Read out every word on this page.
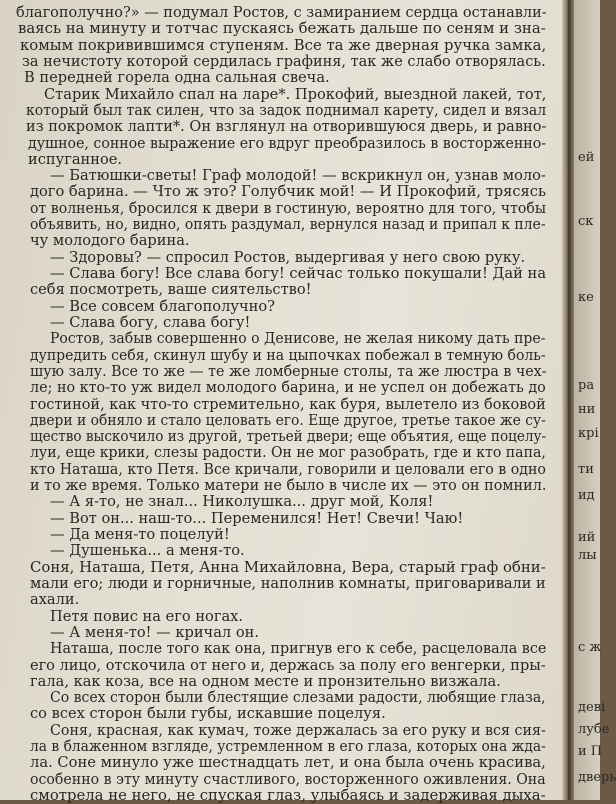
благополучно?» — подумал Ростов, с замиранием сердца останавли-
ваясь на минуту и тотчас пускаясь бежать дальше по сеням и зна-
комым покривившимся ступеням. Все та же дверная ручка замка,
за нечистоту которой сердилась графиня, так же слабо отворялась.
В передней горела одна сальная свеча.
Старик Михайло спал на ларе*. Прокофий, выездной лакей, тот,
который был так силен, что за задок поднимал карету, сидел и вязал
из покромок лапти*. Он взглянул на отворившуюся дверь, и равно-
душное, сонное выражение его вдруг преобразилось в восторженно-
испуганное.
— Батюшки-светы! Граф молодой! — вскрикнул он, узнав моло-
дого барина. — Что ж это? Голубчик мой! — И Прокофий, трясясь
от волненья, бросился к двери в гостиную, вероятно для того, чтобы
объявить, но, видно, опять раздумал, вернулся назад и припал к пле-
чу молодого барина.
— Здоровы? — спросил Ростов, выдергивая у него свою руку.
— Слава богу! Все слава богу! сейчас только покушали! Дай на
себя посмотреть, ваше сиятельство!
— Все совсем благополучно?
— Слава богу, слава богу!
Ростов, забыв совершенно о Денисове, не желая никому дать пре-
дупредить себя, скинул шубу и на цыпочках побежал в темную боль-
шую залу. Все то же — те же ломберные столы, та же люстра в чех-
ле; но кто-то уж видел молодого барина, и не успел он добежать до
гостиной, как что-то стремительно, как буря, вылетело из боковой
двери и обняло и стало целовать его. Еще другое, третье такое же су-
щество выскочило из другой, третьей двери; еще объятия, еще поцелу-
луи, еще крики, слезы радости. Он не мог разобрать, где и кто папа,
кто Наташа, кто Петя. Все кричали, говорили и целовали его в одно
и то же время. Только матери не было в числе их — это он помнил.
— А я-то, не знал... Николушка... друг мой, Коля!
— Вот он... наш-то... Переменился! Нет! Свечи! Чаю!
— Да меня-то поцелуй!
— Душенька... а меня-то.
Соня, Наташа, Петя, Анна Михайловна, Вера, старый граф обни-
мали его; люди и горничные, наполнив комнаты, приговаривали и
ахали.
Петя повис на его ногах.
— А меня-то! — кричал он.
Наташа, после того как она, пригнув его к себе, расцеловала все
его лицо, отскочила от него и, держась за полу его венгерки, пры-
гала, как коза, все на одном месте и пронзительно визжала.
Со всех сторон были блестящие слезами радости, любящие глаза,
со всех сторон были губы, искавшие поцелуя.
Соня, красная, как кумач, тоже держалась за его руку и вся сия-
ла в блаженном взгляде, устремленном в его глаза, которых она жда-
ла. Соне минуло уже шестнадцать лет, и она была очень красива,
особенно в эту минуту счастливого, восторженного оживления. Она
смотрела не него, не спуская глаз, улыбаясь и задерживая дыха-
ей
ск
ке
ра
ни
крі
ти
ид
ий
с ж
лы
деві
лубе
и П
дверь
